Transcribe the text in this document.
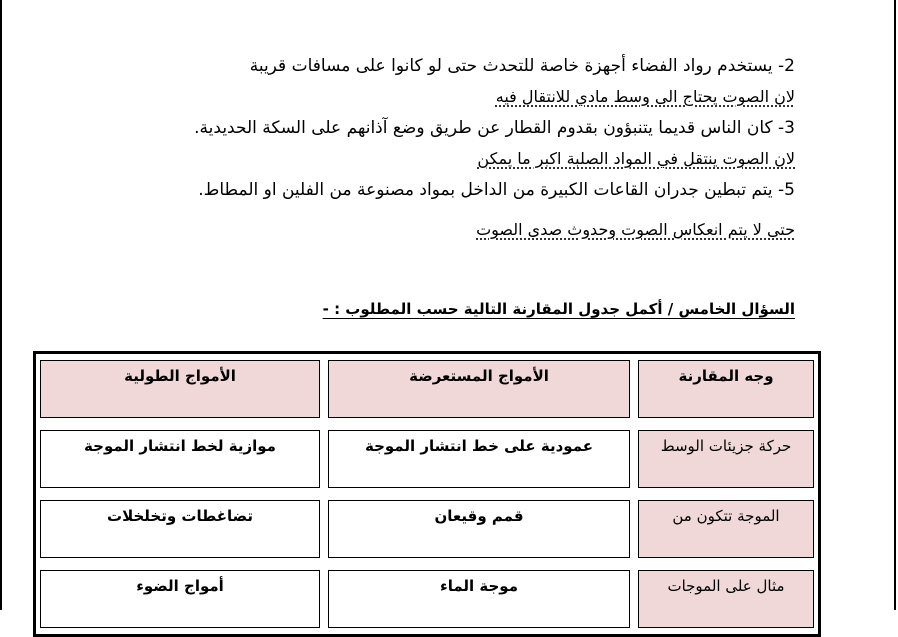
2- يستخدم رواد الفضاء أجهزة خاصة للتحدث حتى لو كانوا على مسافات قريبة
لان الصوت يحتاج الى وسط مادي للانتقال فيه
3- كان الناس قديما يتنبؤون بقدوم القطار عن طريق وضع آذانهم على السكة الحديدية.
لان الصوت ينتقل في المواد الصلبة اكبر ما يمكن
5- يتم تبطين جدران القاعات الكبيرة من الداخل بمواد مصنوعة من الفلين او المطاط.
حتى لا يتم انعكاس الصوت وحدوث صدى الصوت
السؤال الخامس / أكمل جدول المقارنة التالية حسب المطلوب : -
وجه المقارنة	الأمواج المستعرضة	الأمواج الطولية

حركة جزيئات الوسط	عمودية على خط انتشار الموجة	موازية لخط انتشار الموجة

الموجة تتكون من	قمم وقيعان	تضاغطات وتخلخلات

مثال على الموجات	موجة الماء	أمواج الضوء
